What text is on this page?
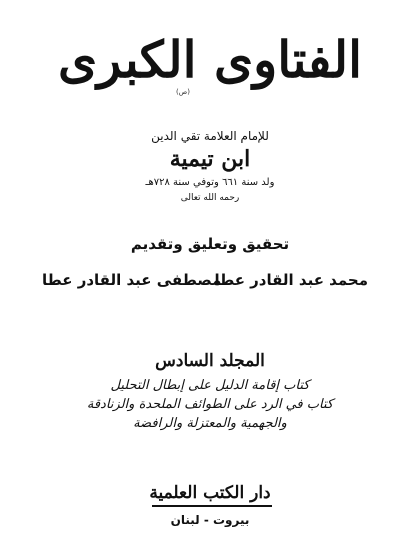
الفتاوى الكبرى
(ص)
للإمام العلامة تقي الدين
ابن تيمية
ولد سنة ٦٦١ وتوفي سنة ٧٢٨هـ
رحمه الله تعالى
تحقيق وتعليق وتقديم
محمد عبد القادر عطا
مصطفى عبد القادر عطا
المجلد السادس
كتاب إقامة الدليل على إبطال التحليل
كتاب في الرد على الطوائف الملحدة والزنادقة
والجهمية والمعتزلة والرافضة
دار الكتب العلمية
بيروت - لبنان
